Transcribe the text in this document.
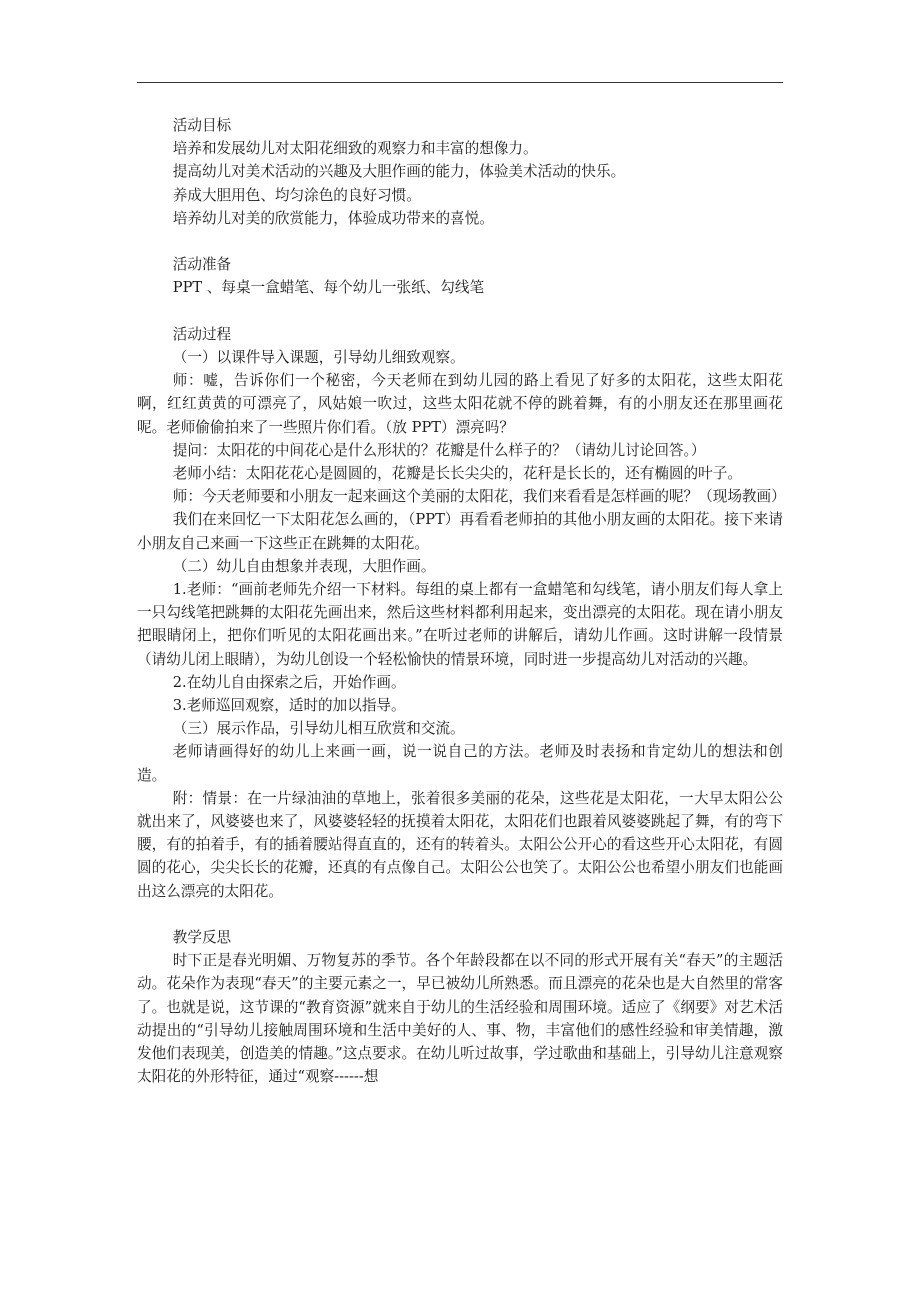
活动目标

培养和发展幼儿对太阳花细致的观察力和丰富的想像力。

提高幼儿对美术活动的兴趣及大胆作画的能力，体验美术活动的快乐。

养成大胆用色、均匀涂色的良好习惯。

培养幼儿对美的欣赏能力，体验成功带来的喜悦。

活动准备

PPT 、每桌一盒蜡笔、每个幼儿一张纸、勾线笔

活动过程

（一）以课件导入课题，引导幼儿细致观察。

师：嘘，告诉你们一个秘密，今天老师在到幼儿园的路上看见了好多的太阳花，这些太阳花啊，红红黄黄的可漂亮了，风姑娘一吹过，这些太阳花就不停的跳着舞，有的小朋友还在那里画花呢。老师偷偷拍来了一些照片你们看。（放 PPT）漂亮吗？

提问：太阳花的中间花心是什么形状的？花瓣是什么样子的？（请幼儿讨论回答。）

老师小结：太阳花花心是圆圆的，花瓣是长长尖尖的，花秆是长长的，还有椭圆的叶子。

师：今天老师要和小朋友一起来画这个美丽的太阳花，我们来看看是怎样画的呢？（现场教画）

我们在来回忆一下太阳花怎么画的，（PPT）再看看老师拍的其他小朋友画的太阳花。接下来请小朋友自己来画一下这些正在跳舞的太阳花。

（二）幼儿自由想象并表现，大胆作画。

1.老师：“画前老师先介绍一下材料。每组的桌上都有一盒蜡笔和勾线笔，请小朋友们每人拿上一只勾线笔把跳舞的太阳花先画出来，然后这些材料都利用起来，变出漂亮的太阳花。现在请小朋友把眼睛闭上，把你们听见的太阳花画出来。”在听过老师的讲解后，请幼儿作画。这时讲解一段情景（请幼儿闭上眼睛），为幼儿创设一个轻松愉快的情景环境，同时进一步提高幼儿对活动的兴趣。

2.在幼儿自由探索之后，开始作画。

3.老师巡回观察，适时的加以指导。

（三）展示作品，引导幼儿相互欣赏和交流。

老师请画得好的幼儿上来画一画，说一说自己的方法。老师及时表扬和肯定幼儿的想法和创造。

附：情景：在一片绿油油的草地上，张着很多美丽的花朵，这些花是太阳花，一大早太阳公公就出来了，风婆婆也来了，风婆婆轻轻的抚摸着太阳花，太阳花们也跟着风婆婆跳起了舞，有的弯下腰，有的拍着手，有的插着腰站得直直的，还有的转着头。太阳公公开心的看这些开心太阳花，有圆圆的花心，尖尖长长的花瓣，还真的有点像自己。太阳公公也笑了。太阳公公也希望小朋友们也能画出这么漂亮的太阳花。

教学反思

时下正是春光明媚、万物复苏的季节。各个年龄段都在以不同的形式开展有关“春天”的主题活动。花朵作为表现“春天”的主要元素之一，早已被幼儿所熟悉。而且漂亮的花朵也是大自然里的常客了。也就是说，这节课的“教育资源”就来自于幼儿的生活经验和周围环境。适应了《纲要》对艺术活动提出的“引导幼儿接触周围环境和生活中美好的人、事、物，丰富他们的感性经验和审美情趣，激发他们表现美，创造美的情趣。”这点要求。在幼儿听过故事，学过歌曲和基础上，引导幼儿注意观察太阳花的外形特征，通过“观察------想
